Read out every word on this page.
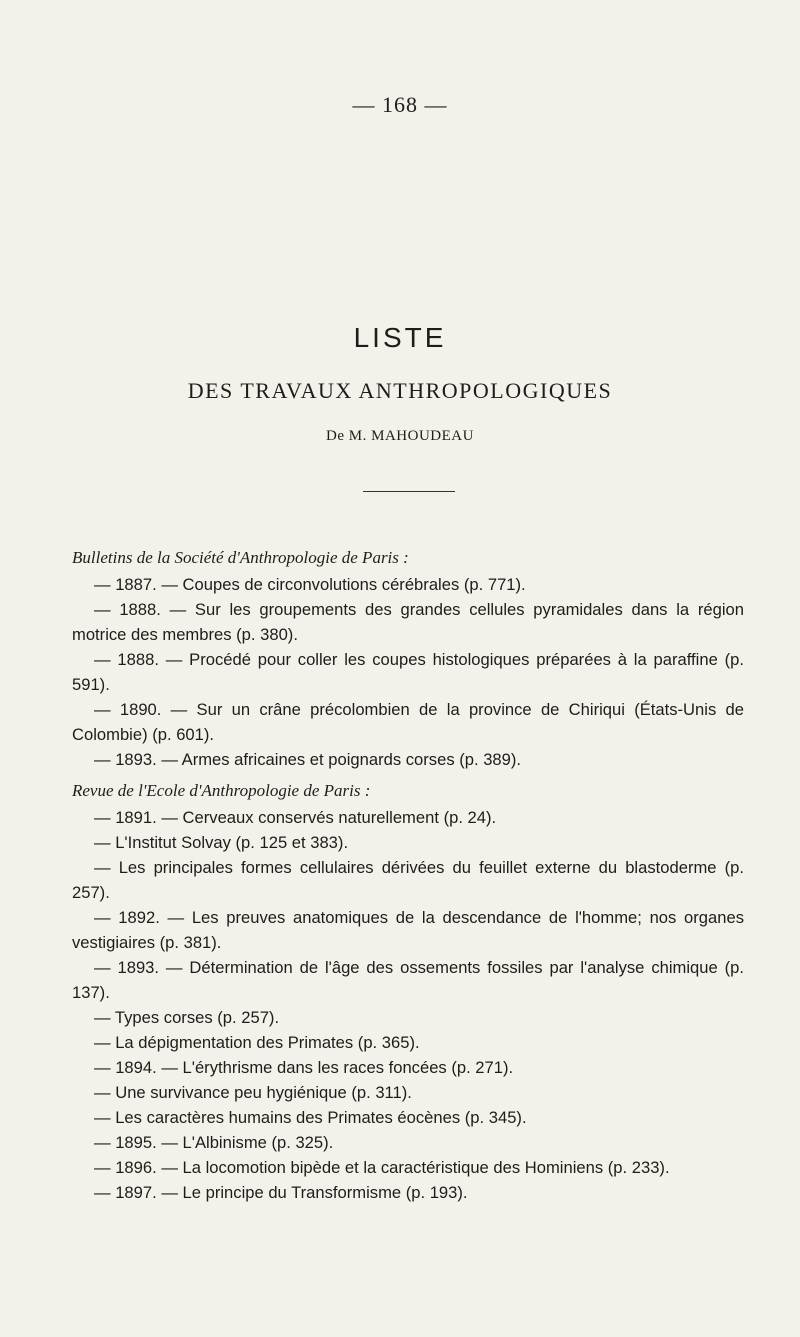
— 168 —
LISTE
DES TRAVAUX ANTHROPOLOGIQUES
De M. MAHOUDEAU

Bulletins de la Société d'Anthropologie de Paris :

— 1887. — Coupes de circonvolutions cérébrales (p. 771).

— 1888. — Sur les groupements des grandes cellules pyramidales dans la région motrice des membres (p. 380).

— 1888. — Procédé pour coller les coupes histologiques préparées à la paraffine (p. 591).

— 1890. — Sur un crâne précolombien de la province de Chiriqui (États-Unis de Colombie) (p. 601).

— 1893. — Armes africaines et poignards corses (p. 389).

Revue de l'Ecole d'Anthropologie de Paris :

— 1891. — Cerveaux conservés naturellement (p. 24).

— L'Institut Solvay (p. 125 et 383).

— Les principales formes cellulaires dérivées du feuillet externe du blastoderme (p. 257).

— 1892. — Les preuves anatomiques de la descendance de l'homme; nos organes vestigiaires (p. 381).

— 1893. — Détermination de l'âge des ossements fossiles par l'analyse chimique (p. 137).

— Types corses (p. 257).

— La dépigmentation des Primates (p. 365).

— 1894. — L'érythrisme dans les races foncées (p. 271).

— Une survivance peu hygiénique (p. 311).

— Les caractères humains des Primates éocènes (p. 345).

— 1895. — L'Albinisme (p. 325).

— 1896. — La locomotion bipède et la caractéristique des Hominiens (p. 233).

— 1897. — Le principe du Transformisme (p. 193).
